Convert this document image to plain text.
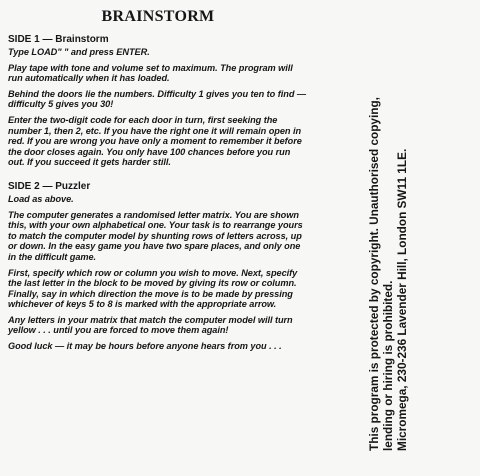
BRAINSTORM
SIDE 1 — Brainstorm

Type LOAD" " and press ENTER.

Play tape with tone and volume set to maximum. The program will run automatically when it has loaded.

Behind the doors lie the numbers. Difficulty 1 gives you ten to find — difficulty 5 gives you 30!

Enter the two-digit code for each door in turn, first seeking the number 1, then 2, etc. If you have the right one it will remain open in red. If you are wrong you have only a moment to remember it before the door closes again. You only have 100 chances before you run out. If you succeed it gets harder still.

SIDE 2 — Puzzler

Load as above.

The computer generates a randomised letter matrix. You are shown this, with your own alphabetical one. Your task is to rearrange yours to match the computer model by shunting rows of letters across, up or down. In the easy game you have two spare places, and only one in the difficult game.

First, specify which row or column you wish to move. Next, specify the last letter in the block to be moved by giving its row or column. Finally, say in which direction the move is to be made by pressing whichever of keys 5 to 8 is marked with the appropriate arrow.

Any letters in your matrix that match the computer model will turn yellow . . . until you are forced to move them again!

Good luck — it may be hours before anyone hears from you . . .	This program is protected by copyright. Unauthorised copying, lending or hiring is prohibited. Micromega, 230-236 Lavender Hill, London SW11 1LE.
